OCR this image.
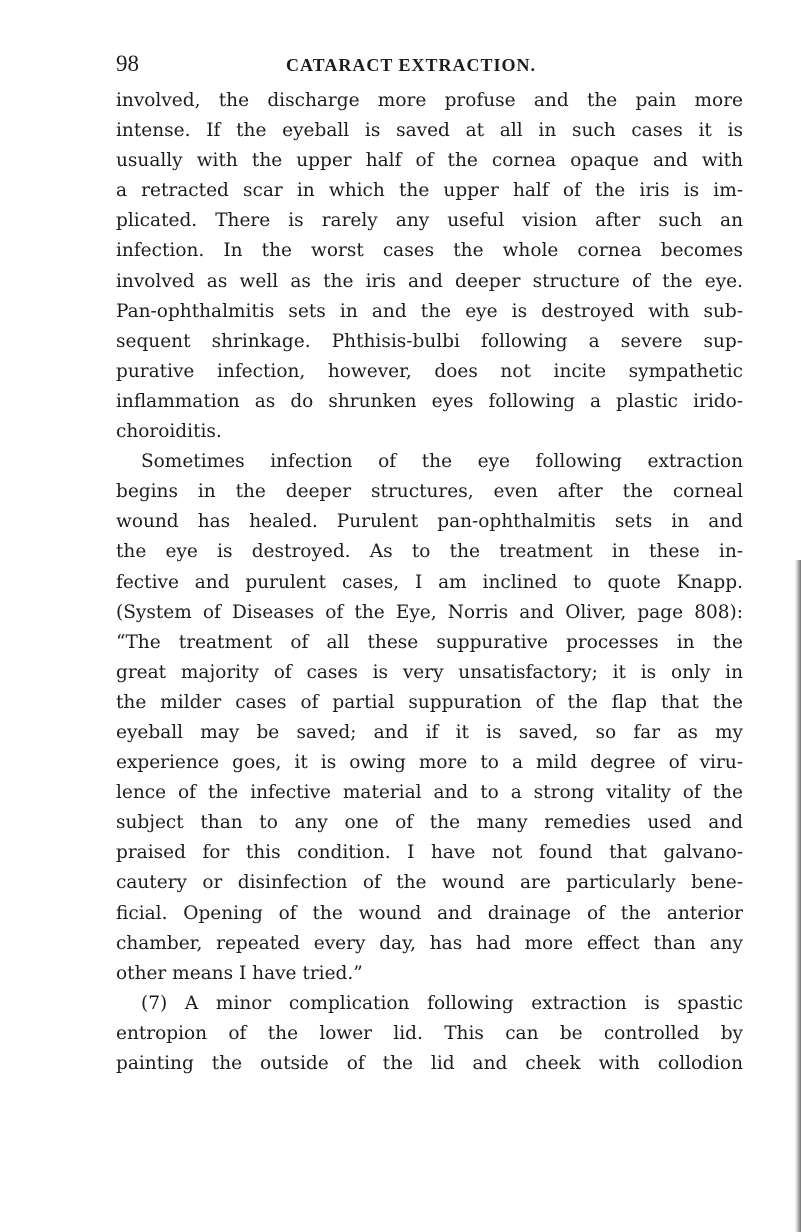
98	CATARACT EXTRACTION.
involved, the discharge more profuse and the pain more
intense. If the eyeball is saved at all in such cases it is
usually with the upper half of the cornea opaque and with
a retracted scar in which the upper half of the iris is im-
plicated. There is rarely any useful vision after such an
infection. In the worst cases the whole cornea becomes
involved as well as the iris and deeper structure of the eye.
Pan-ophthalmitis sets in and the eye is destroyed with sub-
sequent shrinkage. Phthisis-bulbi following a severe sup-
purative infection, however, does not incite sympathetic
inflammation as do shrunken eyes following a plastic irido-
choroiditis.
Sometimes infection of the eye following extraction
begins in the deeper structures, even after the corneal
wound has healed. Purulent pan-ophthalmitis sets in and
the eye is destroyed. As to the treatment in these in-
fective and purulent cases, I am inclined to quote Knapp.
(System of Diseases of the Eye, Norris and Oliver, page 808):
“The treatment of all these suppurative processes in the
great majority of cases is very unsatisfactory; it is only in
the milder cases of partial suppuration of the flap that the
eyeball may be saved; and if it is saved, so far as my
experience goes, it is owing more to a mild degree of viru-
lence of the infective material and to a strong vitality of the
subject than to any one of the many remedies used and
praised for this condition. I have not found that galvano-
cautery or disinfection of the wound are particularly bene-
ficial. Opening of the wound and drainage of the anterior
chamber, repeated every day, has had more effect than any
other means I have tried.”
(7) A minor complication following extraction is spastic
entropion of the lower lid. This can be controlled by
painting the outside of the lid and cheek with collodion
